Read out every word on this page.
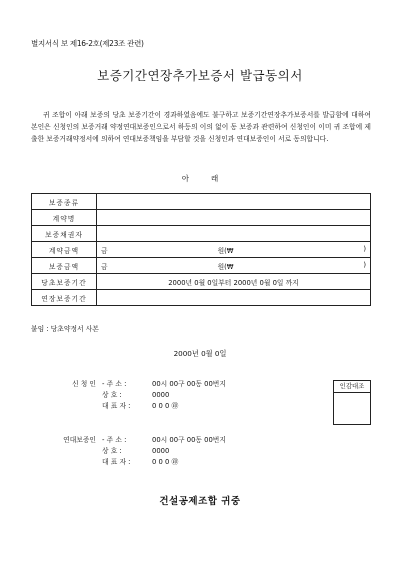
별지서식 보 제16-2호(제23조 관련)
보증기간연장추가보증서 발급동의서

귀 조합이 아래 보증의 당초 보증기간이 경과하였음에도 불구하고 보증기간연장추가보증서를 발급함에 대하여 본인은 신청인의 보증거래 약정연대보증인으로서 하등의 이의 없이 동 보증과 관련하여 신청인이 이미 귀 조합에 제출한 보증거래약정서에 의하여 연대보증책임을 부담할 것을 신청인과 연대보증인이 서로 동의합니다.

아래
보증종류	
계약명	
보증채권자	
계약금액	금 원(₩ )

보증금액	금 원(₩ )

당초보증기간	2000년 0월 0일부터 2000년 0월 0일 까지
연장보증기간	
붙임 : 당초약정서 사본
2000년 0월 0일
신 청 인 - 주 소 :	00시 00구 00동 00번지
상 호 :	0000
대 표 자 :	0 0 0 ㊞
인감대조
연대보증인 - 주 소 :	00시 00구 00동 00번지
상 호 :	0000
대 표 자 :	0 0 0 ㊞
건설공제조합 귀중
